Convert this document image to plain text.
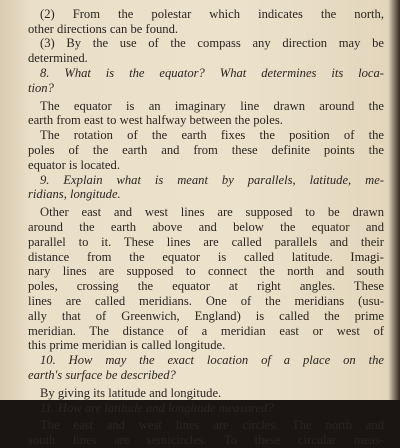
(2) From the polestar which indicates the north,
other directions can be found.
(3) By the use of the compass any direction may be
determined.
8. What is the equator? What determines its loca-
tion?
The equator is an imaginary line drawn around the
earth from east to west halfway between the poles.
The rotation of the earth fixes the position of the
poles of the earth and from these definite points the
equator is located.
9. Explain what is meant by parallels, latitude, me-
ridians, longitude.
Other east and west lines are supposed to be drawn
around the earth above and below the equator and
parallel to it. These lines are called parallels and their
distance from the equator is called latitude. Imagi-
nary lines are supposed to connect the north and south
poles, crossing the equator at right angles. These
lines are called meridians. One of the meridians (usu-
ally that of Greenwich, England) is called the prime
meridian. The distance of a meridian east or west of
this prime meridian is called longitude.
10. How may the exact location of a place on the
earth's surface be described?
By giving its latitude and longitude.
11. How are latitude and longitude measured?
The east and west lines are circles. The north and
south lines are semicircles. To these circular meas-
